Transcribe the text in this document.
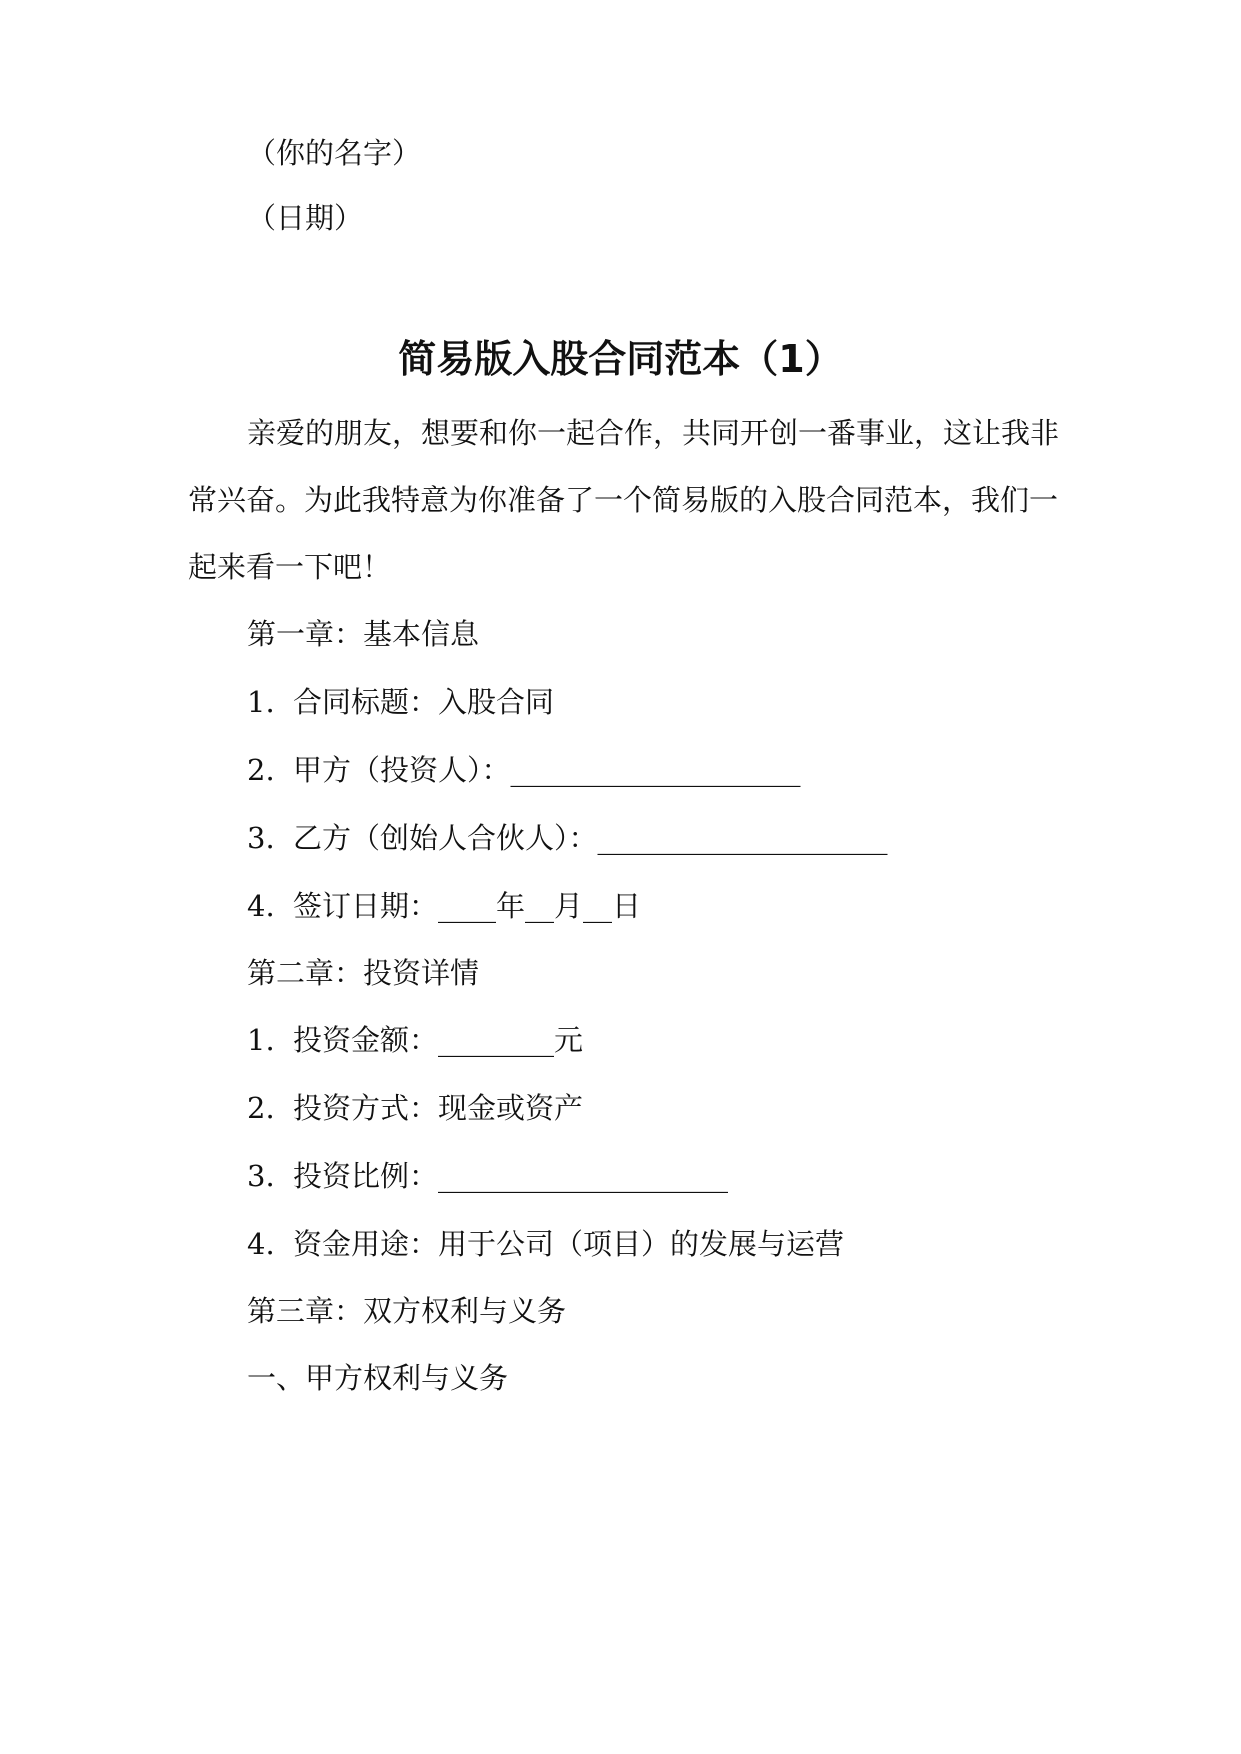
（你的名字）
（日期）
简易版入股合同范本（1）
亲爱的朋友，想要和你一起合作，共同开创一番事业，这让我非
常兴奋。为此我特意为你准备了一个简易版的入股合同范本，我们一
起来看一下吧！
第一章：基本信息
1. 合同标题：入股合同
2. 甲方（投资人）：____________________
3. 乙方（创始人合伙人）：____________________
4. 签订日期：____年__月__日
第二章：投资详情
1. 投资金额：________元
2. 投资方式：现金或资产
3. 投资比例：____________________
4. 资金用途：用于公司（项目）的发展与运营
第三章：双方权利与义务
一、甲方权利与义务
